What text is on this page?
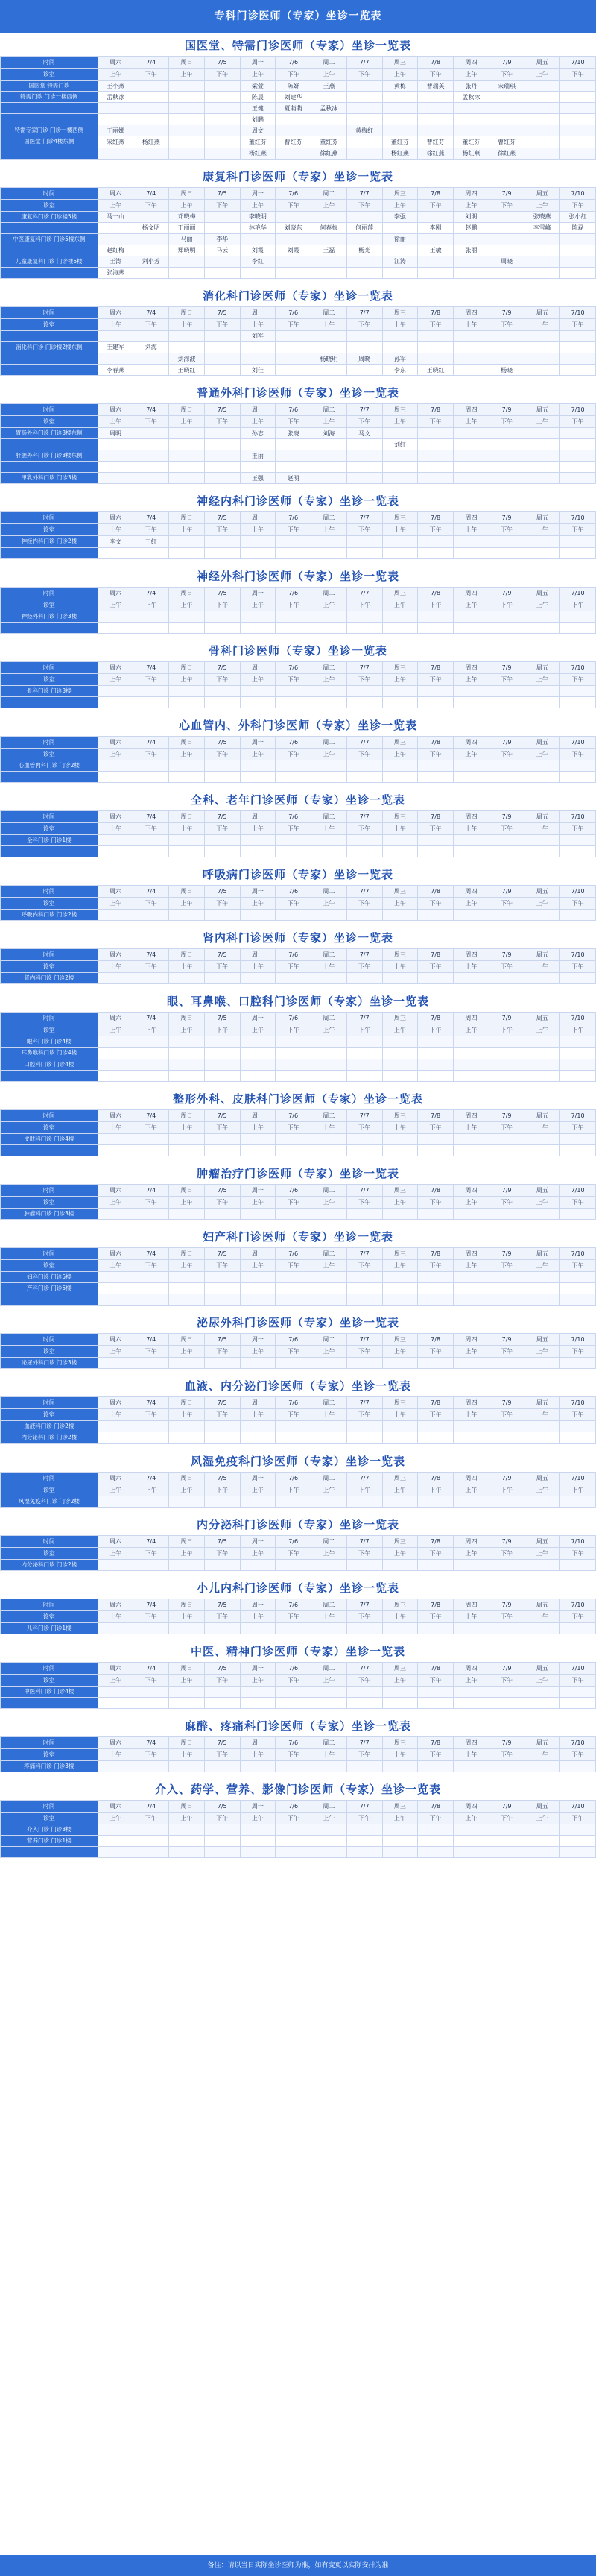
专科门诊医师（专家）坐诊一览表
国医堂、特需门诊医师（专家）坐诊一览表
时间	周六	7/4	周日	7/5	周一	7/6	周二	7/7	周三	7/8	周四	7/9	周五	7/10
诊室	上午	下午	上午	下午	上午	下午	上午	下午	上午	下午	上午	下午	上午	下午
国医堂 特需门诊	王小燕				梁萱	陈妍	王燕		黄梅	曹瑞英	张丹	宋瑞琪		
特需门诊 门诊一楼西侧	孟秋冰				陈晨	刘建华					孟秋冰			
					王健	夏萌萌	孟秋冰							
					刘鹏									
特需专家门诊 门诊一楼西侧	丁丽娜				周文			黄梅红						
国医堂 门诊4楼东侧	宋红燕	杨红燕			董红芬	曹红芬	董红芬		董红芬	曹红芬	董红芬	曹红芬		
					杨红燕		徐红燕		杨红燕	徐红燕	杨红燕	徐红燕		
康复科门诊医师（专家）坐诊一览表
时间	周六	7/4	周日	7/5	周一	7/6	周二	7/7	周三	7/8	周四	7/9	周五	7/10
诊室	上午	下午	上午	下午	上午	下午	上午	下午	上午	下午	上午	下午	上午	下午
康复科门诊 门诊楼5楼	马一山		邓晓梅		李晓明				李强		刘明		张晓燕	张小红
		杨文明	王丽丽		林艳华	刘晓东	何春梅	何丽萍		李刚	赵鹏		李雪峰	陈磊
中医康复科门诊 门诊5楼东侧			马丽	李华					徐丽					
	赵红梅		郑晓明	马云	刘霞	刘霞	王磊	杨光		王敏	张丽			
儿童康复科门诊 门诊楼5楼	王涛	刘小芳			李红				江涛			周晓		
	张海燕													
消化科门诊医师（专家）坐诊一览表
时间	周六	7/4	周日	7/5	周一	7/6	周二	7/7	周三	7/8	周四	7/9	周五	7/10
诊室	上午	下午	上午	下午	上午	下午	上午	下午	上午	下午	上午	下午	上午	下午
					刘军									
消化科门诊 门诊楼2楼东侧	王建军	刘海												
			刘海波				杨晓明	周晓	孙军					
	李春燕		王晓红		刘佳				李东	王晓红		杨晓		
普通外科门诊医师（专家）坐诊一览表
时间	周六	7/4	周日	7/5	周一	7/6	周二	7/7	周三	7/8	周四	7/9	周五	7/10
诊室	上午	下午	上午	下午	上午	下午	上午	下午	上午	下午	上午	下午	上午	下午
胃肠外科门诊 门诊3楼东侧	周明				孙志	张晓	刘海	马文						
									刘红					
肝胆外科门诊 门诊3楼东侧					王丽									

甲乳外科门诊 门诊3楼					王强	赵明								
神经内科门诊医师（专家）坐诊一览表
时间	周六	7/4	周日	7/5	周一	7/6	周二	7/7	周三	7/8	周四	7/9	周五	7/10
诊室	上午	下午	上午	下午	上午	下午	上午	下午	上午	下午	上午	下午	上午	下午
神经内科门诊 门诊2楼	李文	王红												

神经外科门诊医师（专家）坐诊一览表
时间	周六	7/4	周日	7/5	周一	7/6	周二	7/7	周三	7/8	周四	7/9	周五	7/10
诊室	上午	下午	上午	下午	上午	下午	上午	下午	上午	下午	上午	下午	上午	下午
神经外科门诊 门诊3楼														

骨科门诊医师（专家）坐诊一览表
时间	周六	7/4	周日	7/5	周一	7/6	周二	7/7	周三	7/8	周四	7/9	周五	7/10
诊室	上午	下午	上午	下午	上午	下午	上午	下午	上午	下午	上午	下午	上午	下午
骨科门诊 门诊3楼														

心血管内、外科门诊医师（专家）坐诊一览表
时间	周六	7/4	周日	7/5	周一	7/6	周二	7/7	周三	7/8	周四	7/9	周五	7/10
诊室	上午	下午	上午	下午	上午	下午	上午	下午	上午	下午	上午	下午	上午	下午
心血管内科门诊 门诊2楼														

全科、老年门诊医师（专家）坐诊一览表
时间	周六	7/4	周日	7/5	周一	7/6	周二	7/7	周三	7/8	周四	7/9	周五	7/10
诊室	上午	下午	上午	下午	上午	下午	上午	下午	上午	下午	上午	下午	上午	下午
全科门诊 门诊1楼														

呼吸病门诊医师（专家）坐诊一览表
时间	周六	7/4	周日	7/5	周一	7/6	周二	7/7	周三	7/8	周四	7/9	周五	7/10
诊室	上午	下午	上午	下午	上午	下午	上午	下午	上午	下午	上午	下午	上午	下午
呼吸内科门诊 门诊2楼														
肾内科门诊医师（专家）坐诊一览表
时间	周六	7/4	周日	7/5	周一	7/6	周二	7/7	周三	7/8	周四	7/9	周五	7/10
诊室	上午	下午	上午	下午	上午	下午	上午	下午	上午	下午	上午	下午	上午	下午
肾内科门诊 门诊2楼														
眼、耳鼻喉、口腔科门诊医师（专家）坐诊一览表
时间	周六	7/4	周日	7/5	周一	7/6	周二	7/7	周三	7/8	周四	7/9	周五	7/10
诊室	上午	下午	上午	下午	上午	下午	上午	下午	上午	下午	上午	下午	上午	下午
眼科门诊 门诊4楼														
耳鼻喉科门诊 门诊4楼														
口腔科门诊 门诊4楼														

整形外科、皮肤科门诊医师（专家）坐诊一览表
时间	周六	7/4	周日	7/5	周一	7/6	周二	7/7	周三	7/8	周四	7/9	周五	7/10
诊室	上午	下午	上午	下午	上午	下午	上午	下午	上午	下午	上午	下午	上午	下午
皮肤科门诊 门诊4楼														

肿瘤治疗门诊医师（专家）坐诊一览表
时间	周六	7/4	周日	7/5	周一	7/6	周二	7/7	周三	7/8	周四	7/9	周五	7/10
诊室	上午	下午	上午	下午	上午	下午	上午	下午	上午	下午	上午	下午	上午	下午
肿瘤科门诊 门诊3楼														
妇产科门诊医师（专家）坐诊一览表
时间	周六	7/4	周日	7/5	周一	7/6	周二	7/7	周三	7/8	周四	7/9	周五	7/10
诊室	上午	下午	上午	下午	上午	下午	上午	下午	上午	下午	上午	下午	上午	下午
妇科门诊 门诊5楼														
产科门诊 门诊5楼														

泌尿外科门诊医师（专家）坐诊一览表
时间	周六	7/4	周日	7/5	周一	7/6	周二	7/7	周三	7/8	周四	7/9	周五	7/10
诊室	上午	下午	上午	下午	上午	下午	上午	下午	上午	下午	上午	下午	上午	下午
泌尿外科门诊 门诊3楼														
血液、内分泌门诊医师（专家）坐诊一览表
时间	周六	7/4	周日	7/5	周一	7/6	周二	7/7	周三	7/8	周四	7/9	周五	7/10
诊室	上午	下午	上午	下午	上午	下午	上午	下午	上午	下午	上午	下午	上午	下午
血液科门诊 门诊2楼														
内分泌科门诊 门诊2楼														
风湿免疫科门诊医师（专家）坐诊一览表
时间	周六	7/4	周日	7/5	周一	7/6	周二	7/7	周三	7/8	周四	7/9	周五	7/10
诊室	上午	下午	上午	下午	上午	下午	上午	下午	上午	下午	上午	下午	上午	下午
风湿免疫科门诊 门诊2楼														
内分泌科门诊医师（专家）坐诊一览表
时间	周六	7/4	周日	7/5	周一	7/6	周二	7/7	周三	7/8	周四	7/9	周五	7/10
诊室	上午	下午	上午	下午	上午	下午	上午	下午	上午	下午	上午	下午	上午	下午
内分泌科门诊 门诊2楼														
小儿内科门诊医师（专家）坐诊一览表
时间	周六	7/4	周日	7/5	周一	7/6	周二	7/7	周三	7/8	周四	7/9	周五	7/10
诊室	上午	下午	上午	下午	上午	下午	上午	下午	上午	下午	上午	下午	上午	下午
儿科门诊 门诊1楼														
中医、精神门诊医师（专家）坐诊一览表
时间	周六	7/4	周日	7/5	周一	7/6	周二	7/7	周三	7/8	周四	7/9	周五	7/10
诊室	上午	下午	上午	下午	上午	下午	上午	下午	上午	下午	上午	下午	上午	下午
中医科门诊 门诊4楼														

麻醉、疼痛科门诊医师（专家）坐诊一览表
时间	周六	7/4	周日	7/5	周一	7/6	周二	7/7	周三	7/8	周四	7/9	周五	7/10
诊室	上午	下午	上午	下午	上午	下午	上午	下午	上午	下午	上午	下午	上午	下午
疼痛科门诊 门诊3楼														
介入、药学、营养、影像门诊医师（专家）坐诊一览表
时间	周六	7/4	周日	7/5	周一	7/6	周二	7/7	周三	7/8	周四	7/9	周五	7/10
诊室	上午	下午	上午	下午	上午	下午	上午	下午	上午	下午	上午	下午	上午	下午
介入门诊 门诊3楼														
营养门诊 门诊1楼														

备注：请以当日实际坐诊医师为准，如有变更以实际安排为准
